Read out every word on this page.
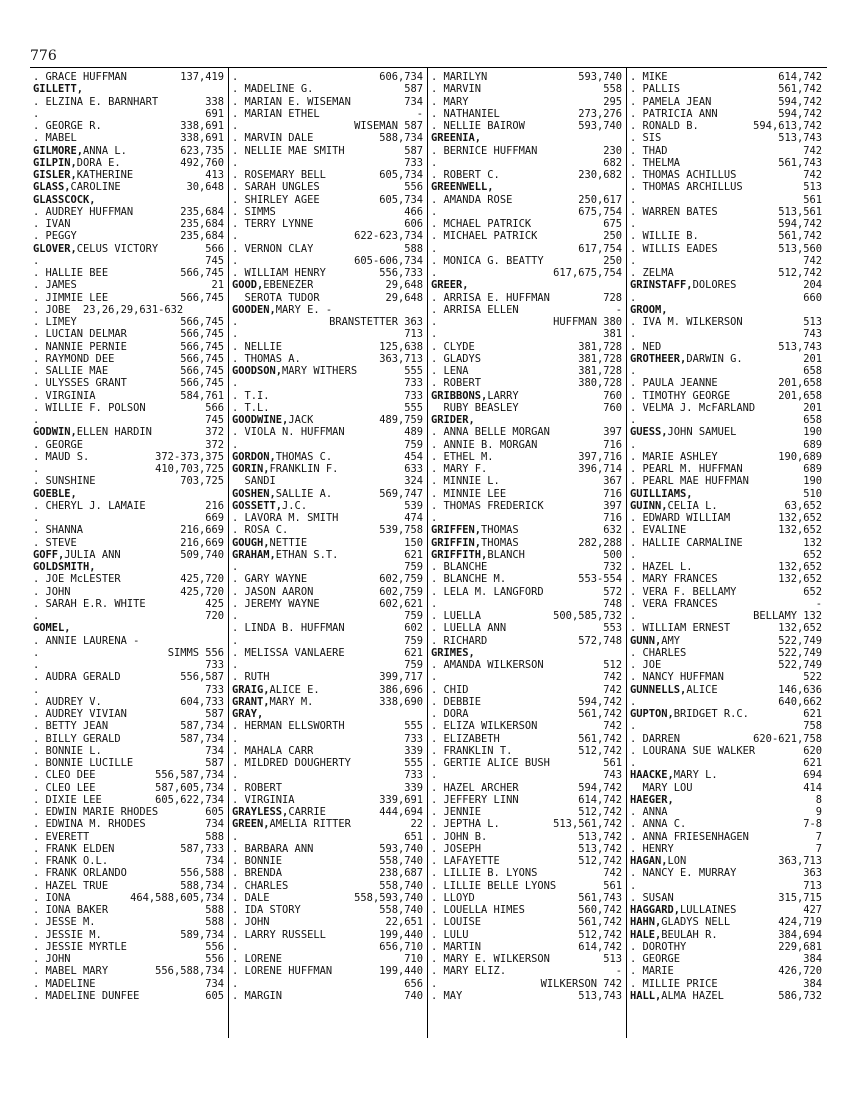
776
. GRACE HUFFMAN	137,419
GILLETT,
. ELZINA E. BARNHART	338
.	691
. GEORGE R.	338,691
. MABEL	338,691
GILMORE,ANNA L.	623,735
GILPIN,DORA E.	492,760
GISLER,KATHERINE	413
GLASS,CAROLINE	30,648
GLASSCOCK,
. AUDREY HUFFMAN	235,684
. IVAN	235,684
. PEGGY	235,684
GLOVER,CELUS VICTORY	566
.	745
. HALLIE BEE	566,745
. JAMES	21
. JIMMIE LEE	566,745
. JOBE  23,26,29,631-632
. LIMEY	566,745
. LUCIAN DELMAR	566,745
. NANNIE PERNIE	566,745
. RAYMOND DEE	566,745
. SALLIE MAE	566,745
. ULYSSES GRANT	566,745
. VIRGINIA	584,761
. WILLIE F. POLSON	566
.	745
GODWIN,ELLEN HARDIN	372
. GEORGE	372
. MAUD S.	372-373,375
.	410,703,725
. SUNSHINE	703,725
GOEBLE,
. CHERYL J. LAMAIE	216
.	669
. SHANNA	216,669
. STEVE	216,669
GOFF,JULIA ANN	509,740
GOLDSMITH,
. JOE McLESTER	425,720
. JOHN	425,720
. SARAH E.R. WHITE	425
.	720
GOMEL,
. ANNIE LAURENA -
.	SIMMS 556
.	733
. AUDRA GERALD	556,587
.	733
. AUDREY V.	604,733
. AUDREY VIVIAN	587
. BETTY JEAN	587,734
. BILLY GERALD	587,734
. BONNIE L.	734
. BONNIE LUCILLE	587
. CLEO DEE	556,587,734
. CLEO LEE	587,605,734
. DIXIE LEE	605,622,734
. EDWIN MARIE RHODES	605
. EDWINA M. RHODES	734
. EVERETT	588
. FRANK ELDEN	587,733
. FRANK O.L.	734
. FRANK ORLANDO	556,588
. HAZEL TRUE	588,734
. IONA	464,588,605,734
. IONA BAKER	588
. JESSE M.	588
. JESSIE M.	589,734
. JESSIE MYRTLE	556
. JOHN	556
. MABEL MARY	556,588,734
. MADELINE	734
. MADELINE DUNFEE	605
.	606,734
. MADELINE G.	587
. MARIAN E. WISEMAN	734
. MARIAN ETHEL	-
.	WISEMAN 587
. MARVIN DALE	588,734
. NELLIE MAE SMITH	587
.	733
. ROSEMARY BELL	605,734
. SARAH UNGLES	556
. SHIRLEY AGEE	605,734
. SIMMS	466
. TERRY LYNNE	606
.	622-623,734
. VERNON CLAY	588
.	605-606,734
. WILLIAM HENRY	556,733
GOOD,EBENEZER	29,648
SEROTA TUDOR	29,648
GOODEN,MARY E. -
.	BRANSTETTER 363
.	713
. NELLIE	125,638
. THOMAS A.	363,713
GOODSON,MARY WITHERS	555
.	733
. T.I.	733
. T.L.	555
GOODWINE,JACK	489,759
. VIOLA N. HUFFMAN	489
.	759
GORDON,THOMAS C.	454
GORIN,FRANKLIN F.	633
SANDI	324
GOSHEN,SALLIE A.	569,747
GOSSETT,J.C.	539
. LAVORA M. SMITH	474
. ROSA C.	539,758
GOUGH,NETTIE	150
GRAHAM,ETHAN S.T.	621
.	759
. GARY WAYNE	602,759
. JASON AARON	602,759
. JEREMY WAYNE	602,621
.	759
. LINDA B. HUFFMAN	602
.	759
. MELISSA VANLAERE	621
.	759
. RUTH	399,717
GRAIG,ALICE E.	386,696
GRANT,MARY M.	338,690
GRAY,
. HERMAN ELLSWORTH	555
.	733
. MAHALA CARR	339
. MILDRED DOUGHERTY	555
.	733
. ROBERT	339
. VIRGINIA	339,691
GRAYLESS,CARRIE	444,694
GREEN,AMELIA RITTER	22
.	651
. BARBARA ANN	593,740
. BONNIE	558,740
. BRENDA	238,687
. CHARLES	558,740
. DALE	558,593,740
. IDA STORY	558,740
. JOHN	22,651
. LARRY RUSSELL	199,440
.	656,710
. LORENE	710
. LORENE HUFFMAN	199,440
.	656
. MARGIN	740
. MARILYN	593,740
. MARVIN	558
. MARY	295
. NATHANIEL	273,276
. NELLIE BAIROW	593,740
GREENIA,
. BERNICE HUFFMAN	230
.	682
. ROBERT C.	230,682
GREENWELL,
. AMANDA ROSE	250,617
.	675,754
. MCHAEL PATRICK	675
. MICHAEL PATRICK	250
.	617,754
. MONICA G. BEATTY	250
.	617,675,754
GREER,
. ARRISA E. HUFFMAN	728
. ARRISA ELLEN	-
.	HUFFMAN 380
.	381
. CLYDE	381,728
. GLADYS	381,728
. LENA	381,728
. ROBERT	380,728
GRIBBONS,LARRY	760
RUBY BEASLEY	760
GRIDER,
. ANNA BELLE MORGAN	397
. ANNIE B. MORGAN	716
. ETHEL M.	397,716
. MARY F.	396,714
. MINNIE L.	367
. MINNIE LEE	716
. THOMAS FREDERICK	397
.	716
GRIFFEN,THOMAS	632
GRIFFIN,THOMAS	282,288
GRIFFITH,BLANCH	500
. BLANCHE	732
. BLANCHE M.	553-554
. LELA M. LANGFORD	572
.	748
. LUELLA	500,585,732
. LUELLA ANN	553
. RICHARD	572,748
GRIMES,
. AMANDA WILKERSON	512
.	742
. CHID	742
. DEBBIE	594,742
. DORA	561,742
. ELIZA WILKERSON	742
. ELIZABETH	561,742
. FRANKLIN T.	512,742
. GERTIE ALICE BUSH	561
.	743
. HAZEL ARCHER	594,742
. JEFFERY LINN	614,742
. JENNIE	512,742
. JEPTHA L.	513,561,742
. JOHN B.	513,742
. JOSEPH	513,742
. LAFAYETTE	512,742
. LILLIE B. LYONS	742
. LILLIE BELLE LYONS	561
. LLOYD	561,743
. LOUELLA HIMES	560,742
. LOUISE	561,742
. LULU	512,742
. MARTIN	614,742
. MARY E. WILKERSON	513
. MARY ELIZ.	-
.	WILKERSON 742
. MAY	513,743
. MIKE	614,742
. PALLIS	561,742
. PAMELA JEAN	594,742
. PATRICIA ANN	594,742
. RONALD B.	594,613,742
. SIS	513,743
. THAD	742
. THELMA	561,743
. THOMAS ACHILLUS	742
. THOMAS ARCHILLUS	513
.	561
. WARREN BATES	513,561
.	594,742
. WILLIE B.	561,742
. WILLIS EADES	513,560
.	742
. ZELMA	512,742
GRINSTAFF,DOLORES	204
.	660
GROOM,
. IVA M. WILKERSON	513
.	743
. NED	513,743
GROTHEER,DARWIN G.	201
.	658
. PAULA JEANNE	201,658
. TIMOTHY GEORGE	201,658
. VELMA J. McFARLAND	201
.	658
GUESS,JOHN SAMUEL	190
.	689
. MARIE ASHLEY	190,689
. PEARL M. HUFFMAN	689
. PEARL MAE HUFFMAN	190
GUILLIAMS,	510
GUINN,CELIA L.	63,652
. EDWARD WILLIAM	132,652
. EVALINE	132,652
. HALLIE CARMALINE	132
.	652
. HAZEL L.	132,652
. MARY FRANCES	132,652
. VERA F. BELLAMY	652
. VERA FRANCES	-
.	BELLAMY 132
. WILLIAM ERNEST	132,652
GUNN,AMY	522,749
. CHARLES	522,749
. JOE	522,749
. NANCY HUFFMAN	522
GUNNELLS,ALICE	146,636
.	640,662
GUPTON,BRIDGET R.C.	621
.	758
. DARREN	620-621,758
. LOURANA SUE WALKER	620
.	621
HAACKE,MARY L.	694
MARY LOU	414
HAEGER,	8
. ANNA	9
. ANNA C.	7-8
. ANNA FRIESENHAGEN	7
. HENRY	7
HAGAN,LON	363,713
. NANCY E. MURRAY	363
.	713
. SUSAN	315,715
HAGGARD,LULLAINES	427
HAHN,GLADYS NELL	424,719
HALE,BEULAH R.	384,694
. DOROTHY	229,681
. GEORGE	384
. MARIE	426,720
. MILLIE PRICE	384
HALL,ALMA HAZEL	586,732
